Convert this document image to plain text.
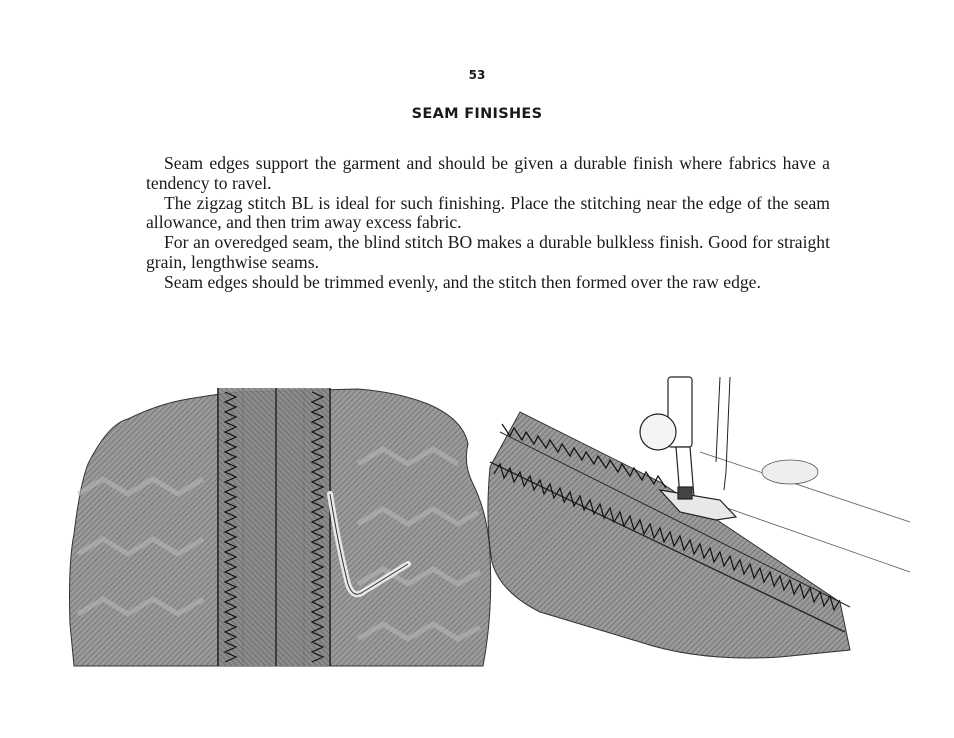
53
SEAM FINISHES

Seam edges support the garment and should be given a durable finish where fabrics have a tendency to ravel.

The zigzag stitch BL is ideal for such finishing. Place the stitching near the edge of the seam allowance, and then trim away excess fabric.

For an overedged seam, the blind stitch BO makes a durable bulkless finish. Good for straight grain, lengthwise seams.

Seam edges should be trimmed evenly, and the stitch then formed over the raw edge.
